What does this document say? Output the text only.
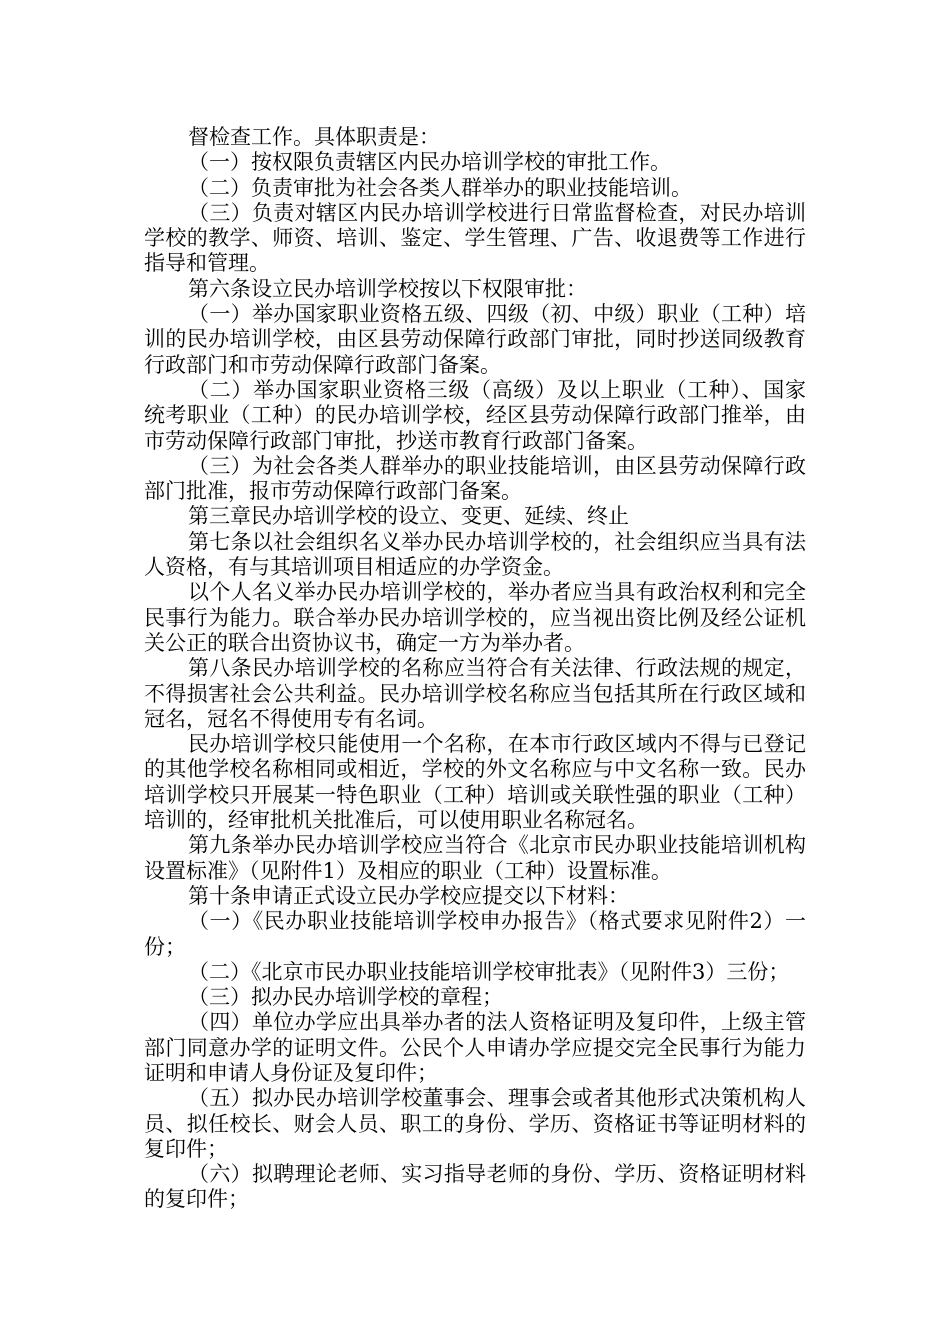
督检查工作。具体职责是：

（一）按权限负责辖区内民办培训学校的审批工作。

（二）负责审批为社会各类人群举办的职业技能培训。

（三）负责对辖区内民办培训学校进行日常监督检查，对民办培训学校的教学、师资、培训、鉴定、学生管理、广告、收退费等工作进行指导和管理。

第六条设立民办培训学校按以下权限审批：

（一）举办国家职业资格五级、四级（初、中级）职业（工种）培训的民办培训学校，由区县劳动保障行政部门审批，同时抄送同级教育行政部门和市劳动保障行政部门备案。

（二）举办国家职业资格三级（高级）及以上职业（工种）、国家统考职业（工种）的民办培训学校，经区县劳动保障行政部门推举，由市劳动保障行政部门审批，抄送市教育行政部门备案。

（三）为社会各类人群举办的职业技能培训，由区县劳动保障行政部门批准，报市劳动保障行政部门备案。

第三章民办培训学校的设立、变更、延续、终止

第七条以社会组织名义举办民办培训学校的，社会组织应当具有法人资格，有与其培训项目相适应的办学资金。

以个人名义举办民办培训学校的，举办者应当具有政治权利和完全民事行为能力。联合举办民办培训学校的，应当视出资比例及经公证机关公正的联合出资协议书，确定一方为举办者。

第八条民办培训学校的名称应当符合有关法律、行政法规的规定，不得损害社会公共利益。民办培训学校名称应当包括其所在行政区域和冠名，冠名不得使用专有名词。

民办培训学校只能使用一个名称，在本市行政区域内不得与已登记的其他学校名称相同或相近，学校的外文名称应与中文名称一致。民办培训学校只开展某一特色职业（工种）培训或关联性强的职业（工种）培训的，经审批机关批准后，可以使用职业名称冠名。

第九条举办民办培训学校应当符合《北京市民办职业技能培训机构设置标准》（见附件1）及相应的职业（工种）设置标准。

第十条申请正式设立民办学校应提交以下材料：

（一）《民办职业技能培训学校申办报告》（格式要求见附件2）一份；

（二）《北京市民办职业技能培训学校审批表》（见附件3）三份；

（三）拟办民办培训学校的章程；

（四）单位办学应出具举办者的法人资格证明及复印件，上级主管部门同意办学的证明文件。公民个人申请办学应提交完全民事行为能力证明和申请人身份证及复印件；

（五）拟办民办培训学校董事会、理事会或者其他形式决策机构人员、拟任校长、财会人员、职工的身份、学历、资格证书等证明材料的复印件；

（六）拟聘理论老师、实习指导老师的身份、学历、资格证明材料的复印件；
